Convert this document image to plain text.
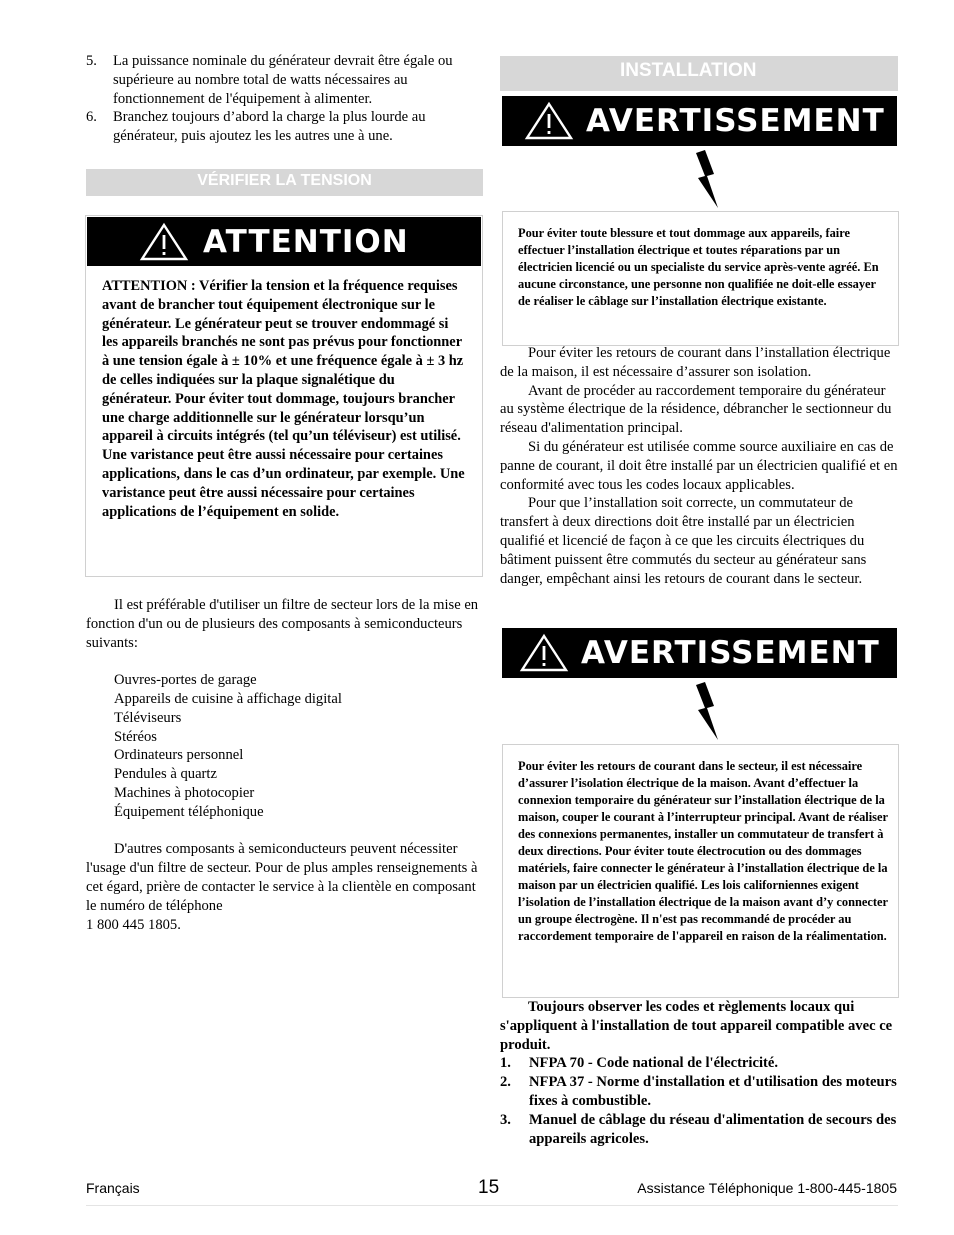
5. La puissance nominale du générateur devrait être égale ou supérieure au nombre total de watts nécessaires au fonctionnement de l'équipement à alimenter.
6. Branchez toujours d’abord la charge la plus lourde au générateur, puis ajoutez les les autres une à une.
VÉRIFIER LA TENSION
ATTENTION
ATTENTION : Vérifier la tension et la fréquence requises avant de brancher tout équipement électronique sur le générateur. Le générateur peut se trouver endommagé si les appareils branchés ne sont pas prévus pour fonctionner à une tension égale à ± 10% et une fréquence égale à ± 3 hz de celles indiquées sur la plaque signalétique du générateur. Pour éviter tout dommage, toujours brancher une charge additionnelle sur le générateur lorsqu’un appareil à circuits intégrés (tel qu’un téléviseur) est utilisé. Une varistance peut être aussi nécessaire pour certaines applications, dans le cas d’un ordinateur, par exemple. Une varistance peut être aussi nécessaire pour certaines applications de l’équipement en solide.

Il est préférable d'utiliser un filtre de secteur lors de la mise en fonction d'un ou de plusieurs des composants à semiconducteurs suivants:

Ouvres-portes de garage

Appareils de cuisine à affichage digital

Téléviseurs

Stéréos

Ordinateurs personnel

Pendules à quartz

Machines à photocopier

Équipement téléphonique

D'autres composants à semiconducteurs peuvent nécessiter l'usage d'un filtre de secteur. Pour de plus amples renseignements à cet égard, prière de contacter le service à la clientèle en composant le numéro de téléphone

1 800 445 1805.

INSTALLATION
AVERTISSEMENT
Pour éviter toute blessure et tout dommage aux appareils, faire effectuer l’installation électrique et toutes réparations par un électricien licencié ou un specialiste du service après-vente agréé. En aucune circonstance, une personne non qualifiée ne doit-elle essayer de réaliser le câblage sur l’installation électrique existante.

Pour éviter les retours de courant dans l’installation électrique de la maison, il est nécessaire d’assurer son isolation.

Avant de procéder au raccordement temporaire du générateur au système électrique de la résidence, débrancher le sectionneur du réseau d'alimentation principal.

Si du générateur est utilisée comme source auxiliaire en cas de panne de courant, il doit être installé par un électricien qualifié et en conformité avec tous les codes locaux applicables.

Pour que l’installation soit correcte, un commutateur de transfert à deux directions doit être installé par un électricien qualifié et licencié de façon à ce que les circuits électriques du bâtiment puissent être commutés du secteur au générateur sans danger, empêchant ainsi les retours de courant dans le secteur.

AVERTISSEMENT
Pour éviter les retours de courant dans le secteur, il est nécessaire d’assurer l’isolation électrique de la maison. Avant d’effectuer la connexion temporaire du générateur sur l’installation électrique de la maison, couper le courant à l’interrupteur principal. Avant de réaliser des connexions permanentes, installer un commutateur de transfert à deux directions. Pour éviter toute électrocution ou des dommages matériels, faire connecter le générateur à l’installation électrique de la maison par un électricien qualifié. Les lois californiennes exigent l’isolation de l’installation électrique de la maison avant d’y connecter un groupe électrogène. Il n'est pas recommandé de procéder au raccordement temporaire de l'appareil en raison de la réalimentation.

Toujours observer les codes et règlements locaux qui s'appliquent à l'installation de tout appareil compatible avec ce produit.

1. NFPA 70 - Code national de l'électricité.
2. NFPA 37 - Norme d'installation et d'utilisation des moteurs fixes à combustible.
3. Manuel de câblage du réseau d'alimentation de secours des appareils agricoles.
Français	15	Assistance Téléphonique 1-800-445-1805
